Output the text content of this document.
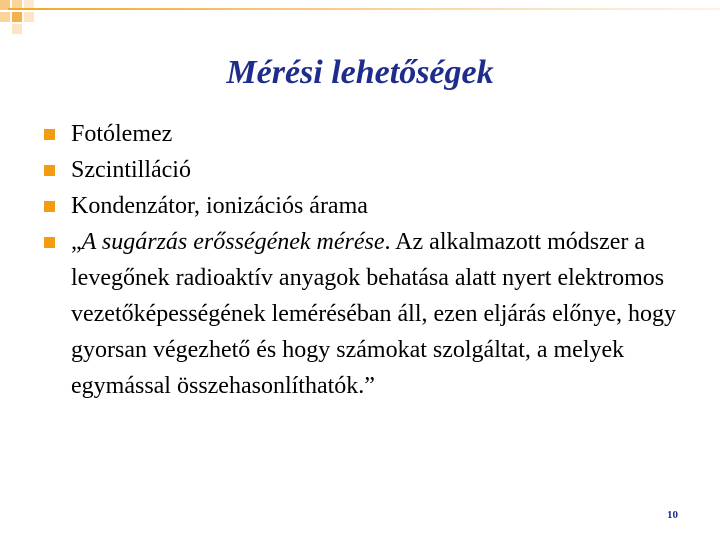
Mérési lehetőségek
Fotólemez
Szcintilláció
Kondenzátor, ionizációs árama
„A sugárzás erősségének mérése. Az alkalmazott módszer a levegőnek radioaktív anyagok behatása alatt nyert elektromos vezetőképességének leméréséban áll, ezen eljárás előnye, hogy gyorsan végezhető és hogy számokat szolgáltat, a melyek egymással összehasonlíthatók.”
10
